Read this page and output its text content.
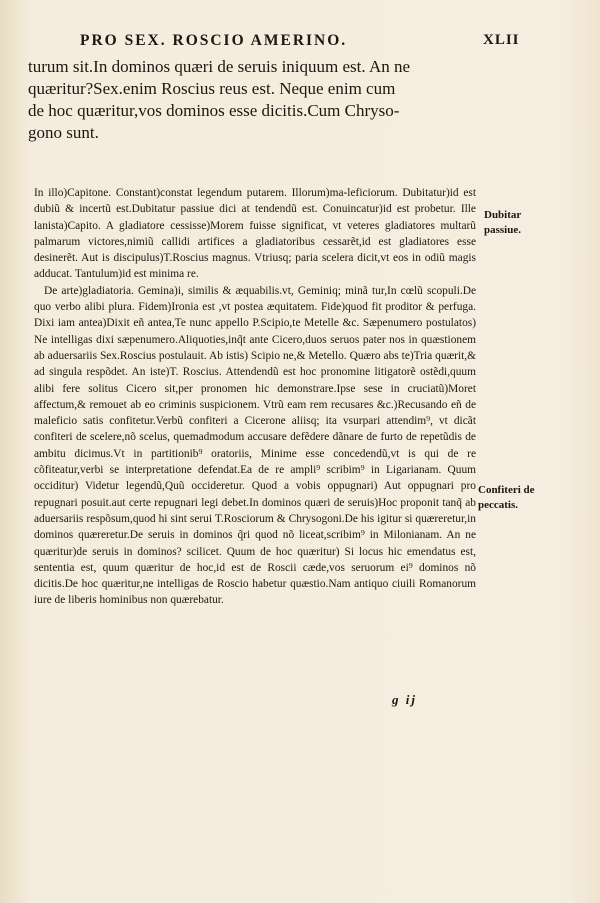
PRO SEX. ROSCIO AMERINO.	XLII

turum sit.In dominos quæri de seruis iniquum est. An ne

quæritur?Sex.enim Roscius reus est. Neque enim cum

de hoc quæritur,vos dominos esse dicitis.Cum Chryso-

gono sunt.

In illo)Capitone. Constant)constat legendum putarem. Illorum)ma-leficiorum. Dubitatur)id est dubiũ & incertũ est.Dubitatur passiue dici at tendendũ est. Conuincatur)id est probetur. Ille lanista)Capito. A gladiatore cessisse)Morem fuisse significat, vt veteres gladiatores multarũ palmarum victores,nimiũ callidi artifices a gladiatoribus cessarẽt,id est gladiatores esse desinerẽt. Aut is discipulus)T.Roscius magnus. Vtriusq; paria scelera dicit,vt eos in odiũ magis adducat. Tantulum)id est minima re.

De arte)gladiatoria. Gemina)i, similis & æquabilis.vt, Geminiq; minã tur,In cœlũ scopuli.De quo verbo alibi plura. Fidem)Ironia est ,vt postea æquitatem. Fide)quod fit proditor & perfuga. Dixi iam antea)Dixit eñ antea,Te nunc appello P.Scipio,te Metelle &c. Sæpenumero postulatos) Ne intelligas dixi sæpenumero.Aliquoties,inq̃t ante Cicero,duos seruos pater nos in quæstionem ab aduersariis Sex.Roscius postulauit. Ab istis) Scipio ne,& Metello. Quæro abs te)Tria quærit,& ad singula respõdet. An iste)T. Roscius. Attendendũ est hoc pronomine litigatorẽ ostẽdi,quum alibi fere solitus Cicero sit,per pronomen hic demonstrare.Ipse sese in cruciatũ)Moret affectum,& remouet ab eo criminis suspicionem. Vtrũ eam rem recusares &c.)Recusando eñ de maleficio satis confitetur.Verbũ confiteri a Cicerone aliisq; ita vsurpari attendim⁹, vt dicãt confiteri de scelere,nõ scelus, quemadmodum accusare defẽdere dãnare de furto de repetũdis de ambitu dicimus.Vt in partitionib⁹ oratoriis, Minime esse concedendũ,vt is qui de re cõfiteatur,verbi se interpretatione defendat.Ea de re ampli⁹ scribim⁹ in Ligarianam. Quum occiditur) Videtur legendũ,Quũ occideretur. Quod a vobis oppugnari) Aut oppugnari pro repugnari posuit.aut certe repugnari legi debet.In dominos quæri de seruis)Hoc proponit tanq̃ ab aduersariis respõsum,quod hi sint serui T.Rosciorum & Chrysogoni.De his igitur si quæreretur,in dominos quæreretur.De seruis in dominos q̃ri quod nõ liceat,scribim⁹ in Milonianam. An ne quæritur)de seruis in dominos? scilicet. Quum de hoc quæritur) Si locus hic emendatus est, sententia est, quum quæritur de hoc,id est de Roscii cæde,vos seruorum ei⁹ dominos nõ dicitis.De hoc quæritur,ne intelligas de Roscio habetur quæstio.Nam antiquo ciuili Romanorum iure de liberis hominibus non quærebatur.

Dubitar passiue.
Confiteri de peccatis.
g ij
